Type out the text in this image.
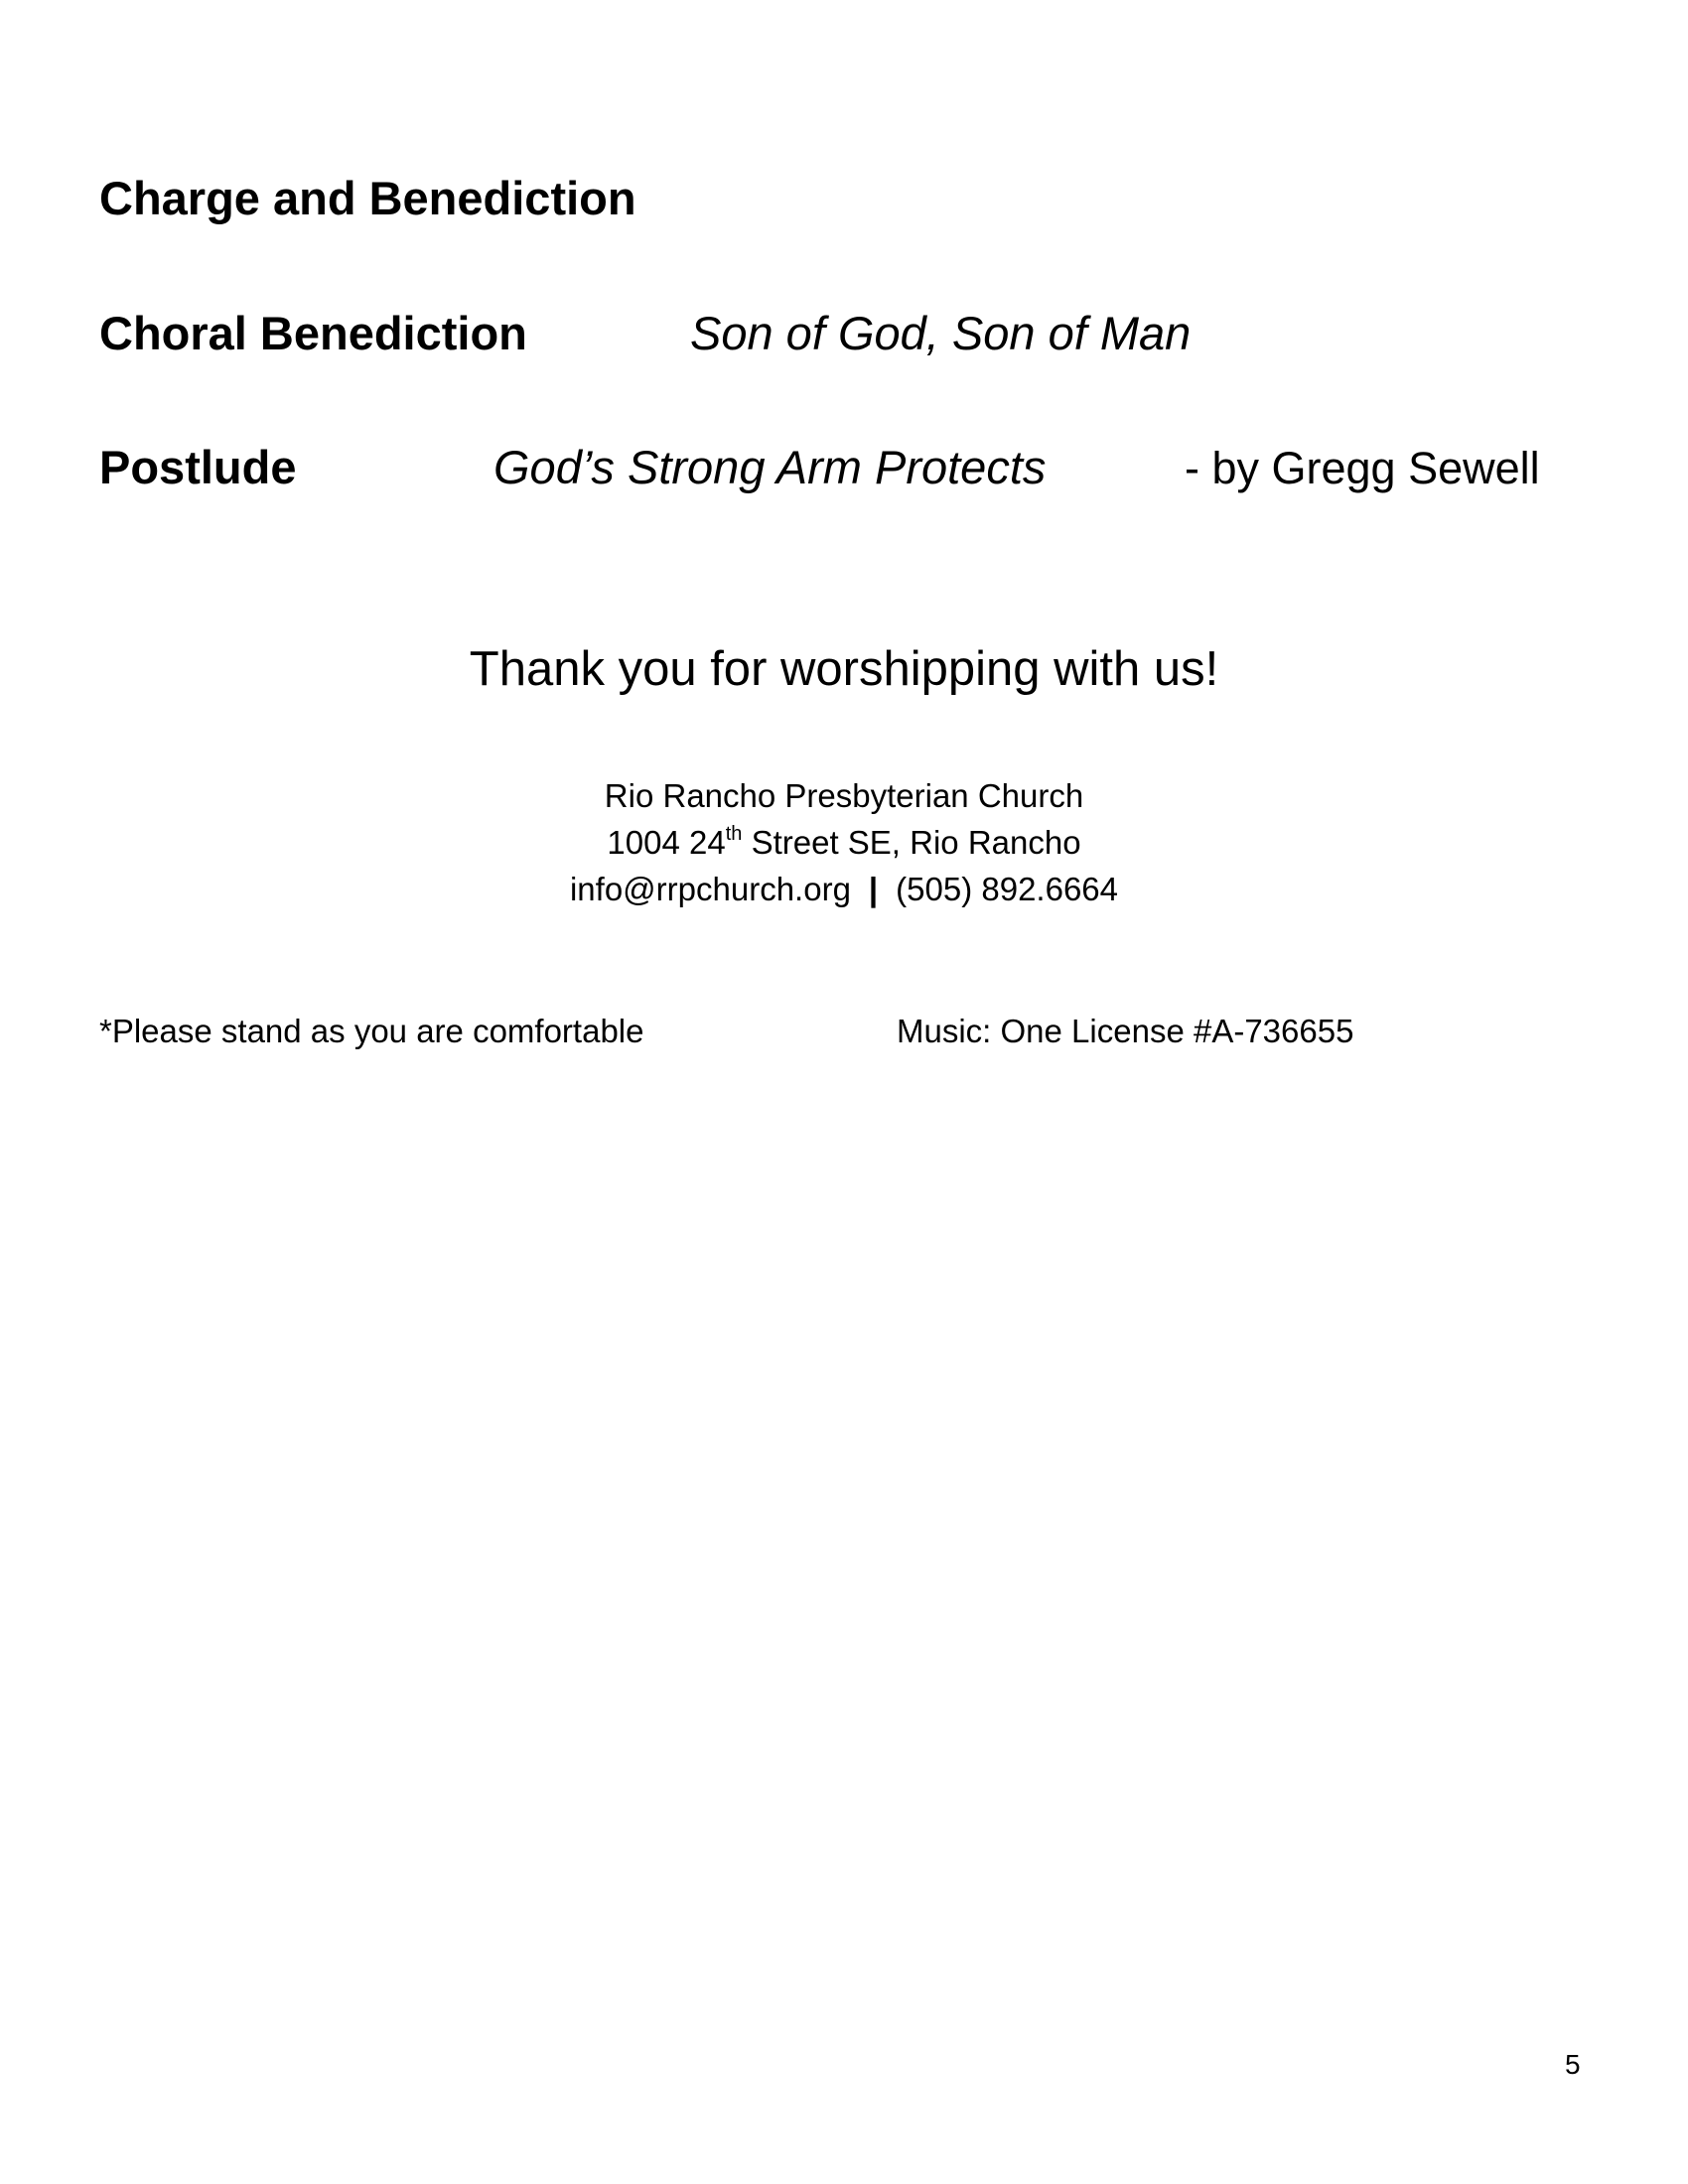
Charge and Benediction
Choral Benediction	Son of God, Son of Man
Postlude	God’s Strong Arm Protects	- by Gregg Sewell
Thank you for worshipping with us!
Rio Rancho Presbyterian Church
1004 24th Street SE, Rio Rancho
info@rrpchurch.org | (505) 892.6664
*Please stand as you are comfortable	Music: One License #A-736655
5
